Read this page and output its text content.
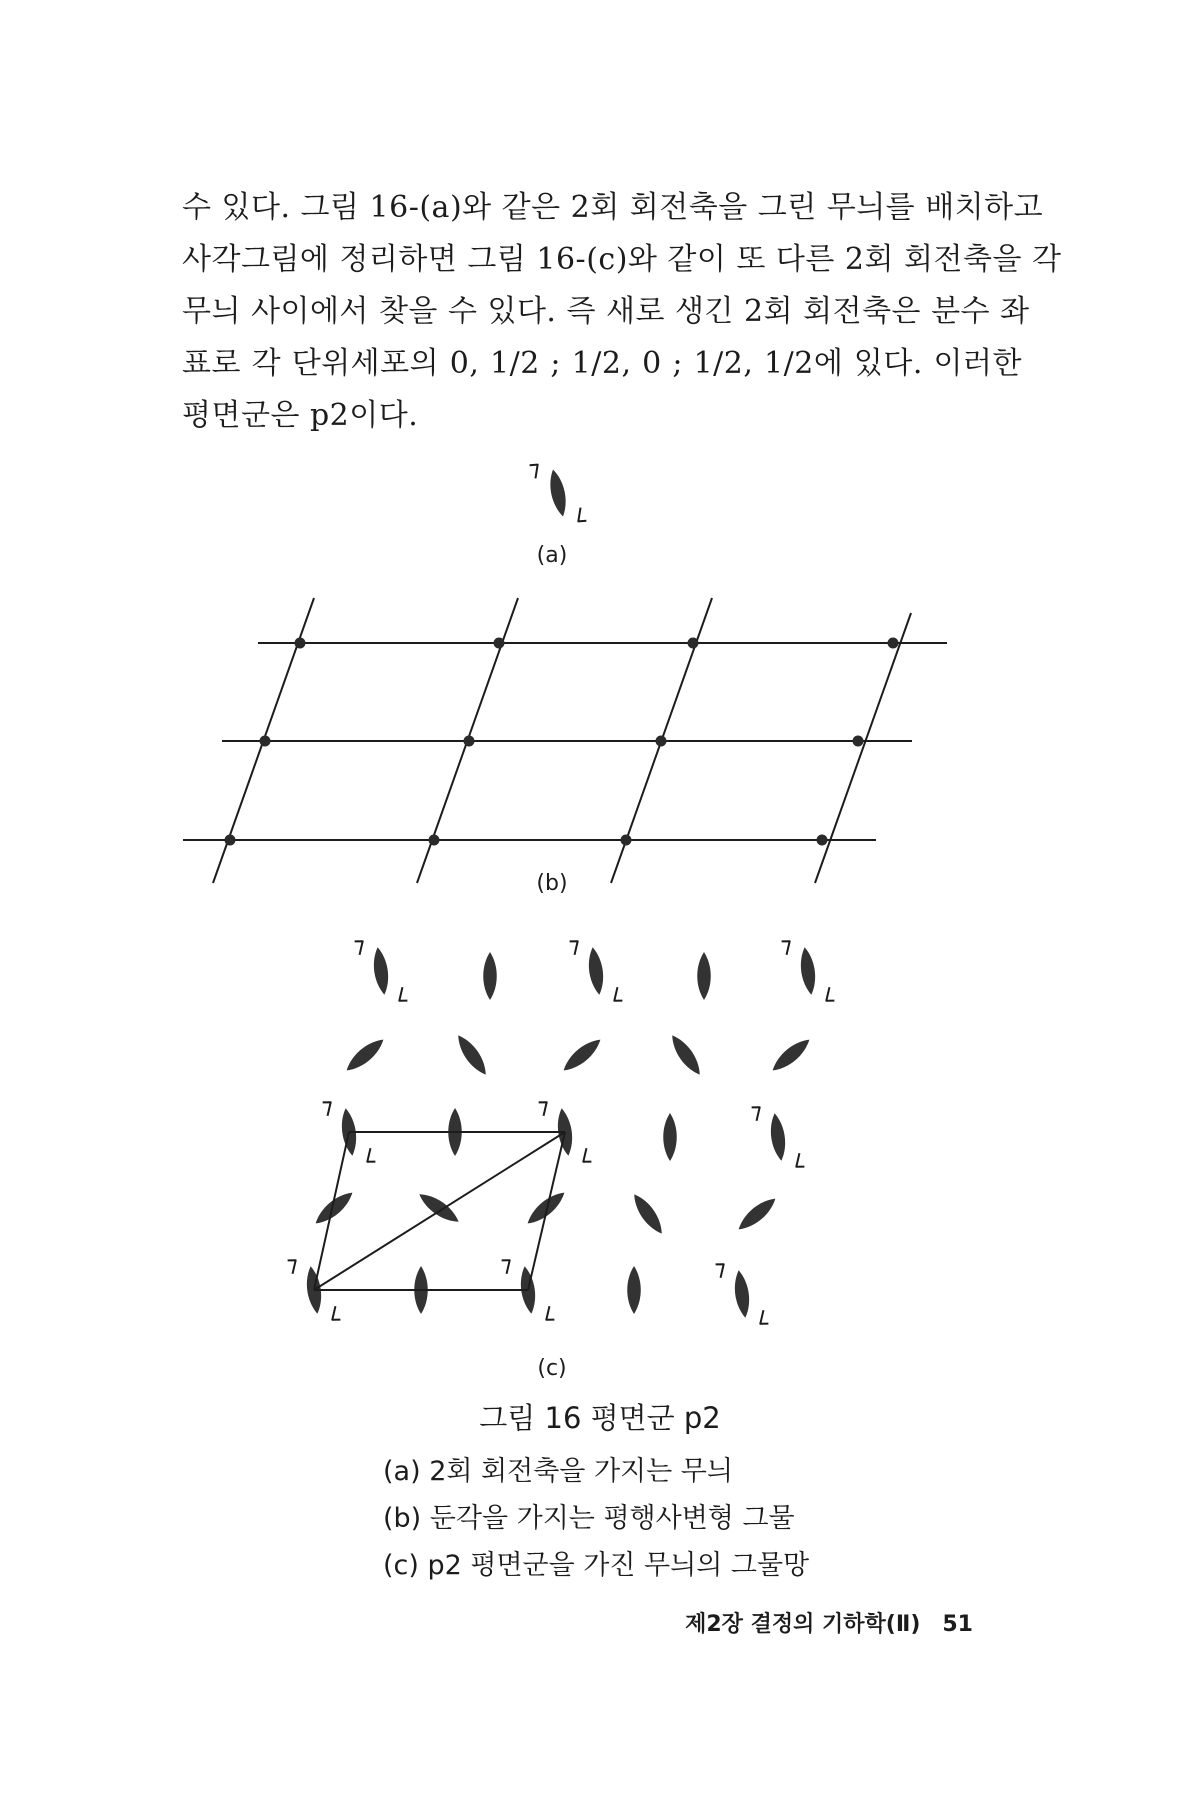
수 있다. 그림 16-(a)와 같은 2회 회전축을 그린 무늬를 배치하고
사각그림에 정리하면 그림 16-(c)와 같이 또 다른 2회 회전축을 각
무늬 사이에서 찾을 수 있다. 즉 새로 생긴 2회 회전축은 분수 좌
표로 각 단위세포의 0, 1/2 ; 1/2, 0 ; 1/2, 1/2에 있다. 이러한
평면군은 p2이다.
(a)
(b)
(c)
그림 16 평면군 p2
(a) 2회 회전축을 가지는 무늬
(b) 둔각을 가지는 평행사변형 그물
(c) p2 평면군을 가진 무늬의 그물망
제2장 결정의 기하학(Ⅱ) 51
